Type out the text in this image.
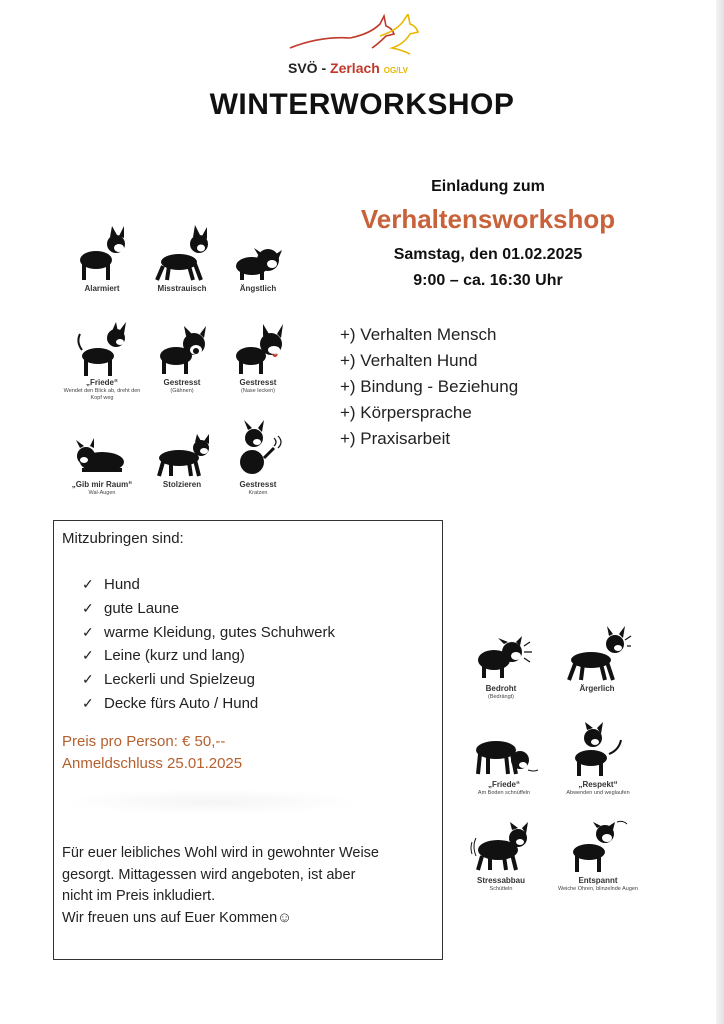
SVÖ - Zerlach OG/LV
WINTERWORKSHOP
Einladung zum
Verhaltensworkshop
Samstag, den 01.02.2025
9:00 – ca. 16:30 Uhr
+) Verhalten Mensch
+) Verhalten Hund
+) Bindung - Beziehung
+) Körpersprache
+) Praxisarbeit
Alarmiert	Misstrauisch	Ängstlich
„Friede“
Wendet den Blick ab, dreht den Kopf weg
Gestresst
(Gähnen)
Gestresst
(Nase lecken)
„Gib mir Raum“
Wal-Augen
Stolzieren	Gestresst
Kratzen
Bedroht
(Bedrängt)
Ärgerlich
„Friede“
Am Boden schnüffeln
„Respekt“
Abwenden und weglaufen
Stressabbau
Schütteln
Entspannt
Weiche Ohren, blinzelnde Augen
Mitzubringen sind:
✓ Hund
✓ gute Laune
✓ warme Kleidung, gutes Schuhwerk
✓ Leine (kurz und lang)
✓ Leckerli und Spielzeug
✓ Decke fürs Auto / Hund
Preis pro Person: € 50,--
Anmeldschluss 25.01.2025

Für euer leibliches Wohl wird in gewohnter Weise

gesorgt. Mittagessen wird angeboten, ist aber

nicht im Preis inkludiert.

Wir freuen uns auf Euer Kommen☺
